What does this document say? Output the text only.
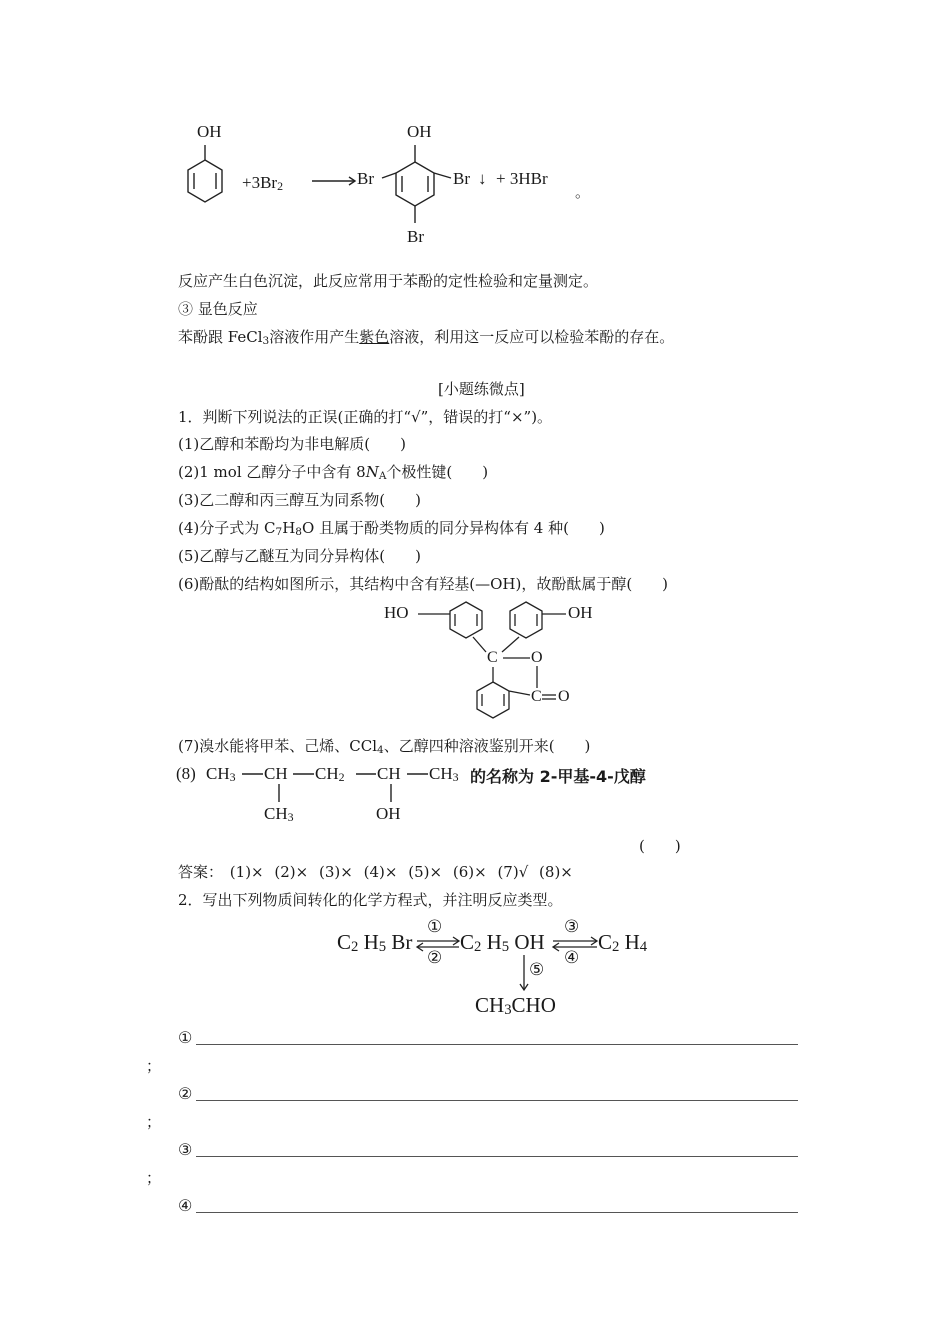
OH
$+3Br_2$
OH
Br	Br ↓ + 3HBr
Br
。
反应产生白色沉淀，此反应常用于苯酚的定性检验和定量测定。
③ 显色反应
苯酚跟 FeCl$_3$溶液作用产生紫色溶液，利用这一反应可以检验苯酚的存在。
[小题练微点]
1．判断下列说法的正误(正确的打“√”，错误的打“×”)。
(1)乙醇和苯酚均为非电解质(　　)
(2)1 mol 乙醇分子中含有 $8N_A$个极性键(　　)
(3)乙二醇和丙三醇互为同系物(　　)
(4)分子式为 $C_7H_8O$ 且属于酚类物质的同分异构体有 4 种(　　)
(5)乙醇与乙醚互为同分异构体(　　)
(6)酚酞的结构如图所示，其结构中含有羟基(—OH)，故酚酞属于醇(　　)
HO	OH
C O
C O
(7)溴水能将甲苯、己烯、CCl$_4$、乙醇四种溶液鉴别开来(　　)
(8) $CH_3$ CH $CH_2$ CH $CH_3$
$CH_3$	OH
的名称为 2-甲基-4-戊醇
(　　)
答案： (1)× (2)× (3)× (4)× (5)× (6)× (7)√ (8)×
2．写出下列物质间转化的化学方程式，并注明反应类型。
$C_2$ $H_5$ Br $C_2$ $H_5$ OH	$C_2$ $H_4$
$CH_3CHO$
①
②
③
④
⑤
①
；
②
；
③
；
④
